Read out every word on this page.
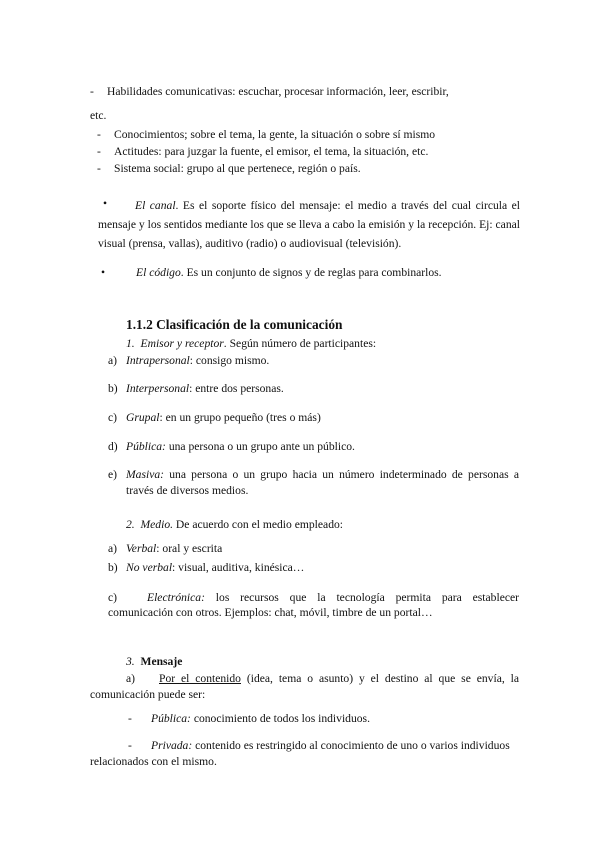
- Habilidades comunicativas: escuchar, procesar información, leer, escribir,
etc.
- Conocimientos; sobre el tema, la gente, la situación o sobre sí mismo
- Actitudes: para juzgar la fuente, el emisor, el tema, la situación, etc.
- Sistema social: grupo al que pertenece, región o país.
•	El canal. Es el soporte físico del mensaje: el medio a través del cual circula el mensaje y los sentidos mediante los que se lleva a cabo la emisión y la recepción. Ej: canal visual (prensa, vallas), auditivo (radio) o audiovisual (televisión).
•	El código. Es un conjunto de signos y de reglas para combinarlos.
1.1.2 Clasificación de la comunicación
1. Emisor y receptor. Según número de participantes:
a) Intrapersonal: consigo mismo.
b) Interpersonal: entre dos personas.
c) Grupal: en un grupo pequeño (tres o más)
d) Pública: una persona o un grupo ante un público.
e) Masiva: una persona o un grupo hacia un número indeterminado de personas a través de diversos medios.
2. Medio. De acuerdo con el medio empleado:
a) Verbal: oral y escrita
b) No verbal: visual, auditiva, kinésica…
c)	Electrónica: los recursos que la tecnología permita para establecer comunicación con otros. Ejemplos: chat, móvil, timbre de un portal…
3. Mensaje
a)	Por el contenido (idea, tema o asunto) y el destino al que se envía, la comunicación puede ser:
- Pública: conocimiento de todos los individuos.
-	Privada: contenido es restringido al conocimiento de uno o varios individuos relacionados con el mismo.
